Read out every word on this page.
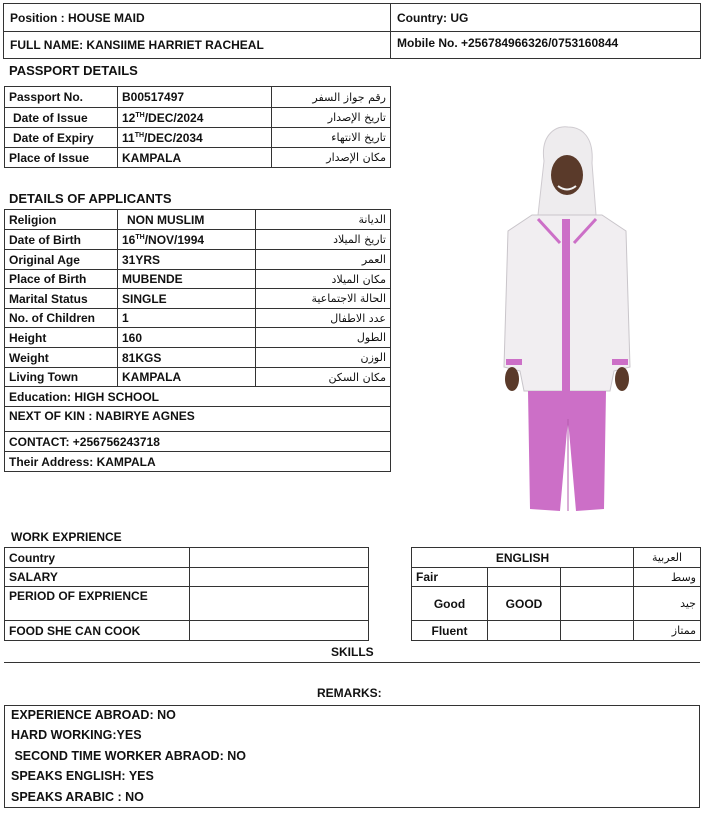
Position : HOUSE MAID	Country: UG
FULL NAME: KANSIIME HARRIET RACHEAL	Mobile No. +256784966326/0753160844
PASSPORT DETAILS
Passport No.	B00517497	رقم جواز السفر
Date of Issue	12TH/DEC/2024	تاريخ الإصدار
Date of Expiry	11TH/DEC/2034	تاريخ الانتهاء
Place of Issue	KAMPALA	مكان الإصدار
DETAILS OF APPLICANTS
Religion	NON MUSLIM	الديانة
Date of Birth	16TH/NOV/1994	تاريخ الميلاد
Original Age	31YRS	العمر
Place of Birth	MUBENDE	مكان الميلاد
Marital Status	SINGLE	الحالة الاجتماعية
No. of Children	1	عدد الاطفال
Height	160	الطول
Weight	81KGS	الوزن
Living Town	KAMPALA	مكان السكن
Education: HIGH SCHOOL		
NEXT OF KIN : NABIRYE AGNES		
CONTACT: +256756243718		
Their Address: KAMPALA		
WORK EXPRIENCE
Country	
SALARY	
PERIOD OF EXPRIENCE	
FOOD SHE CAN COOK	
ENGLISH			العربية
Fair			وسط
Good	GOOD		جيد
Fluent			ممتاز
SKILLS
REMARKS:
EXPERIENCE ABROAD: NO
HARD WORKING:YES
SECOND TIME WORKER ABRAOD: NO
SPEAKS ENGLISH: YES
SPEAKS ARABIC : NO
